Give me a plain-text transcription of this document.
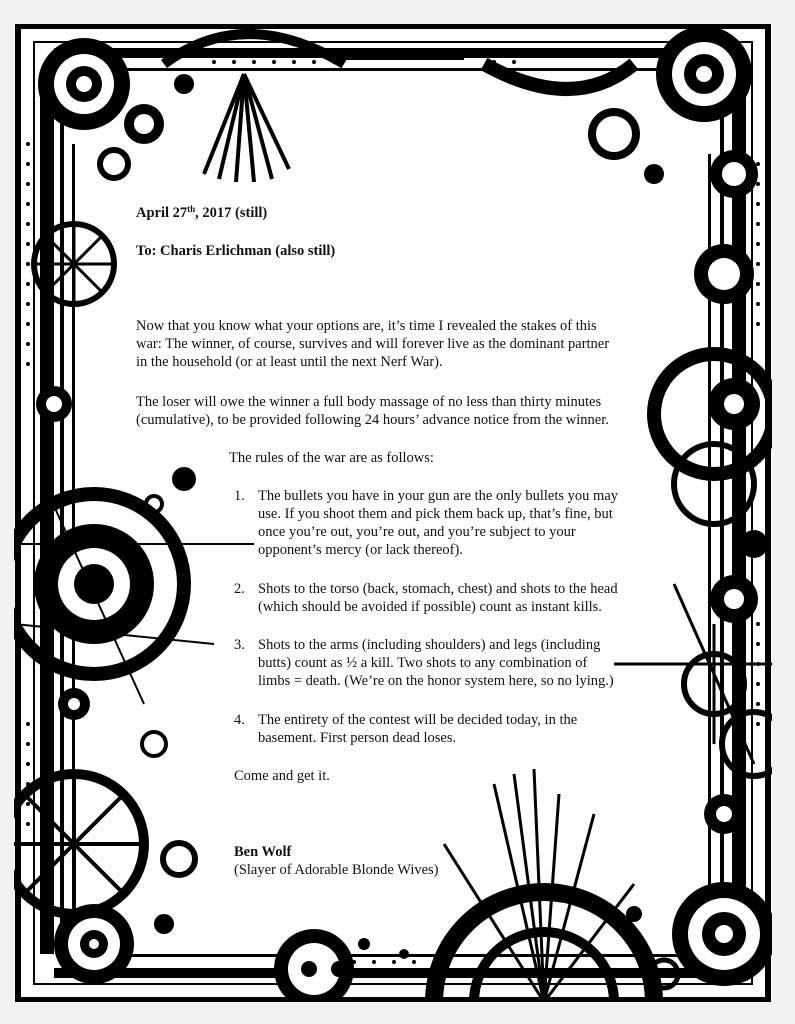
April 27th, 2017 (still)
To: Charis Erlichman (also still)
Now that you know what your options are, it’s time I revealed the stakes of this
war: The winner, of course, survives and will forever live as the dominant partner
in the household (or at least until the next Nerf War).
The loser will owe the winner a full body massage of no less than thirty minutes
(cumulative), to be provided following 24 hours’ advance notice from the winner.
The rules of the war are as follows:
1. The bullets you have in your gun are the only bullets you may
use. If you shoot them and pick them back up, that’s fine, but
once you’re out, you’re out, and you’re subject to your
opponent’s mercy (or lack thereof).
2. Shots to the torso (back, stomach, chest) and shots to the head
(which should be avoided if possible) count as instant kills.
3. Shots to the arms (including shoulders) and legs (including
butts) count as ½ a kill. Two shots to any combination of
limbs = death. (We’re on the honor system here, so no lying.)
4. The entirety of the contest will be decided today, in the
basement. First person dead loses.
Come and get it.
Ben Wolf
(Slayer of Adorable Blonde Wives)
